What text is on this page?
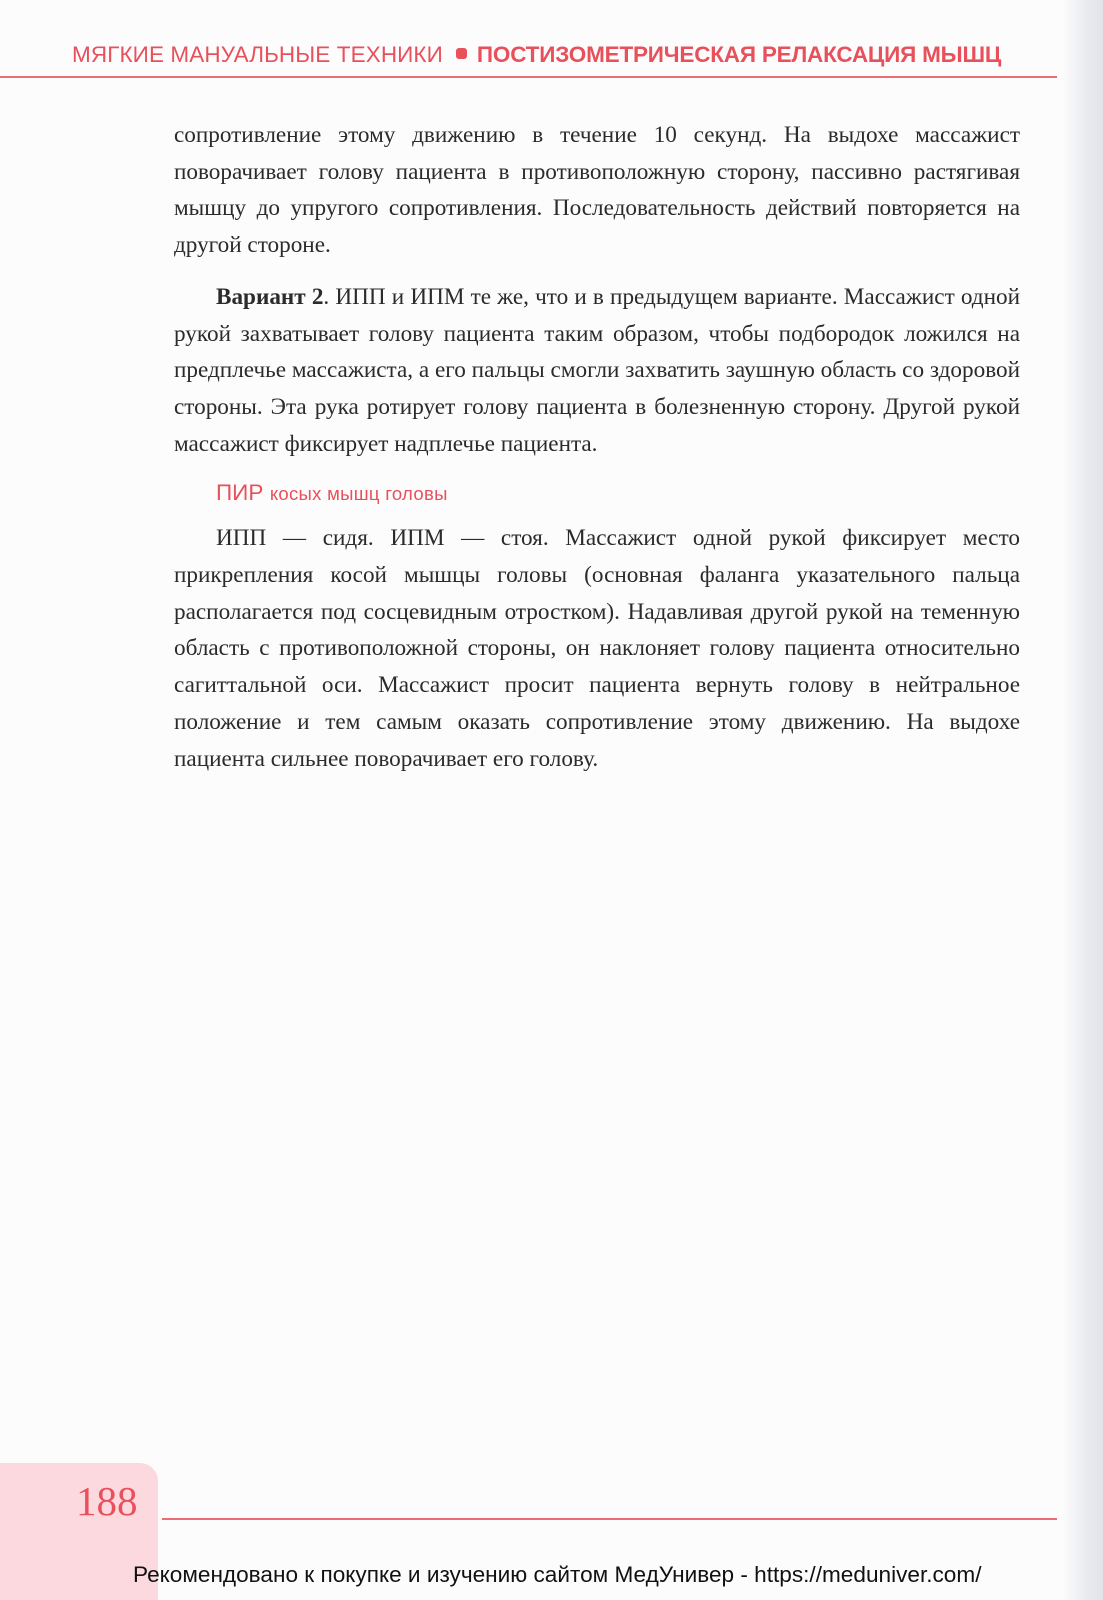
МЯГКИЕ МАНУАЛЬНЫЕ ТЕХНИКИ ПОСТИЗОМЕТРИЧЕСКАЯ РЕЛАКСАЦИЯ МЫШЦ

сопротивление этому движению в течение 10 секунд. На выдохе массажист поворачивает голову пациента в противоположную сторону, пассивно растягивая мышцу до упругого сопротивления. Последовательность действий повторяется на другой стороне.

Вариант 2. ИПП и ИПМ те же, что и в предыдущем варианте. Массажист одной рукой захватывает голову пациента таким образом, чтобы подбородок ложился на предплечье массажиста, а его пальцы смогли захватить заушную область со здоровой стороны. Эта рука ротирует голову пациента в болезненную сторону. Другой рукой массажист фиксирует надплечье пациента.

ПИР косых мышц головы

ИПП — сидя. ИПМ — стоя. Массажист одной рукой фиксирует место прикрепления косой мышцы головы (основная фаланга указательного пальца располагается под сосцевидным отростком). Надавливая другой рукой на теменную область с противоположной стороны, он наклоняет голову пациента относительно сагиттальной оси. Массажист просит пациента вернуть голову в нейтральное положение и тем самым оказать сопротивление этому движению. На выдохе пациента сильнее поворачивает его голову.

188
Рекомендовано к покупке и изучению сайтом МедУнивер - https://meduniver.com/
